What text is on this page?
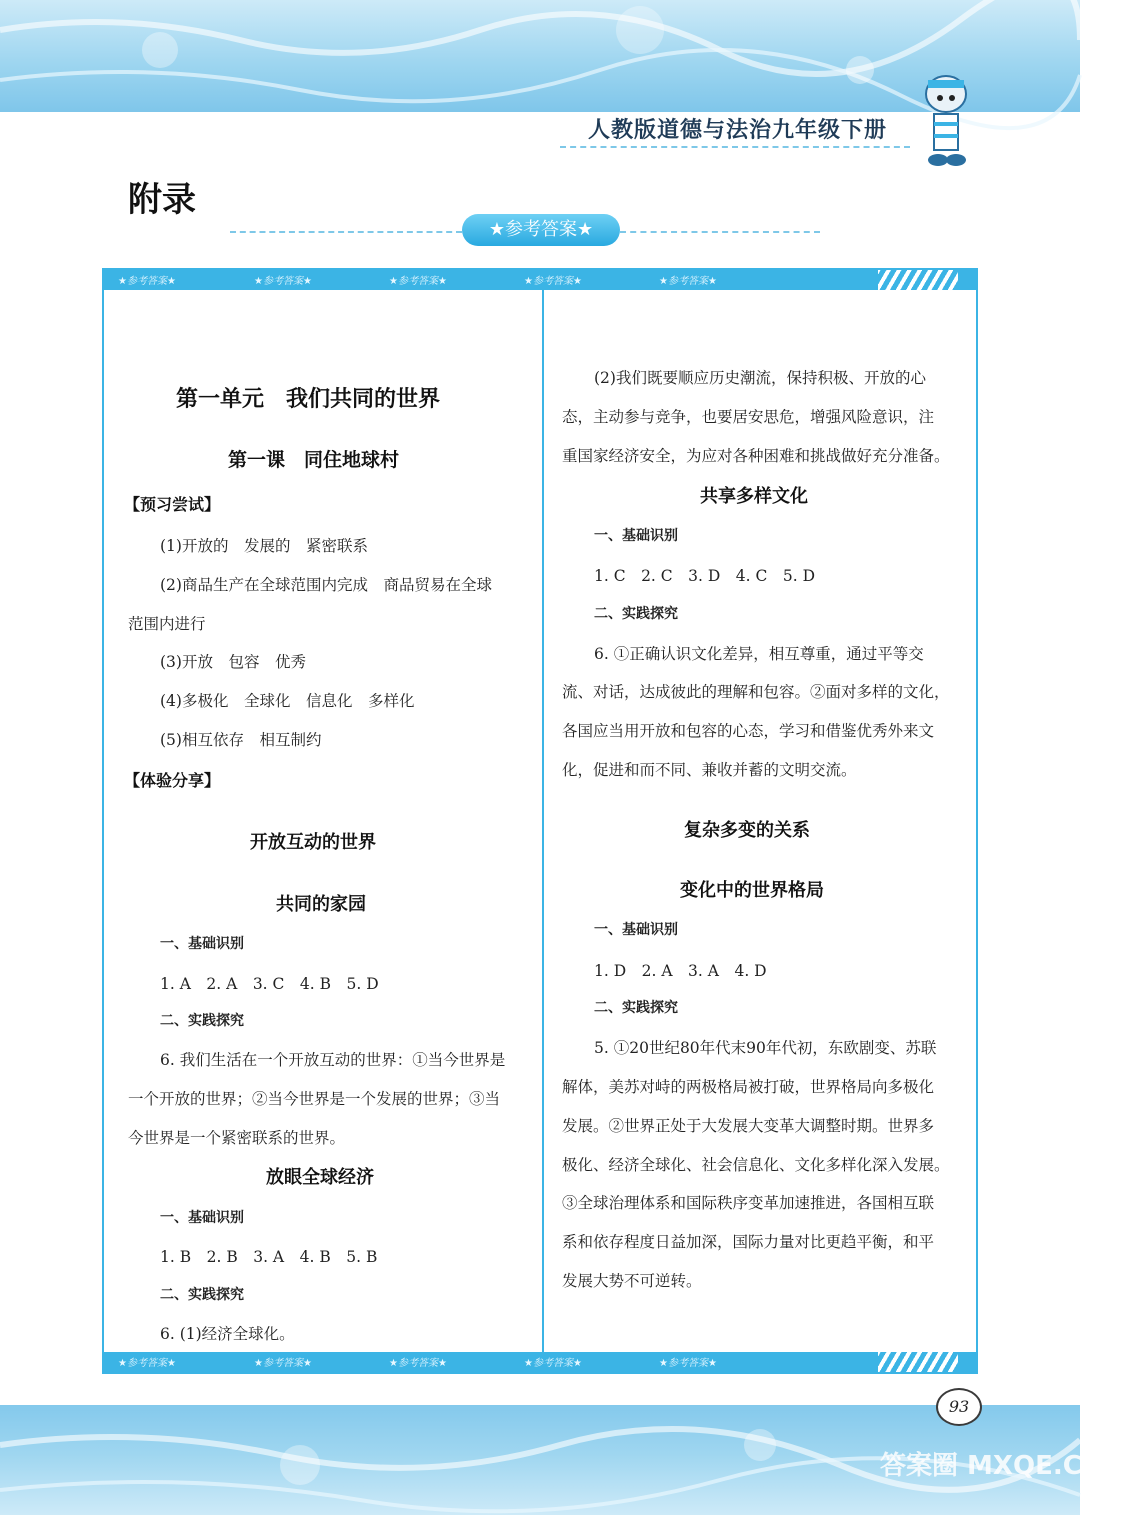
人教版道德与法治九年级下册
附录
★参考答案★
★参考答案★	★参考答案★	★参考答案★	★参考答案★	★参考答案★
★参考答案★	★参考答案★	★参考答案★	★参考答案★	★参考答案★
第一单元　我们共同的世界
第一课　同住地球村
【预习尝试】
(1)开放的　发展的　紧密联系
(2)商品生产在全球范围内完成　商品贸易在全球
范围内进行
(3)开放　包容　优秀
(4)多极化　全球化　信息化　多样化
(5)相互依存　相互制约
【体验分享】
开放互动的世界
共同的家园
一、基础识别
1. A　2. A　3. C　4. B　5. D
二、实践探究
6. 我们生活在一个开放互动的世界：①当今世界是
一个开放的世界；②当今世界是一个发展的世界；③当
今世界是一个紧密联系的世界。
放眼全球经济
一、基础识别
1. B　2. B　3. A　4. B　5. B
二、实践探究
6. (1)经济全球化。
(2)我们既要顺应历史潮流，保持积极、开放的心
态，主动参与竞争，也要居安思危，增强风险意识，注
重国家经济安全，为应对各种困难和挑战做好充分准备。
共享多样文化
一、基础识别
1. C　2. C　3. D　4. C　5. D
二、实践探究
6. ①正确认识文化差异，相互尊重，通过平等交
流、对话，达成彼此的理解和包容。②面对多样的文化，
各国应当用开放和包容的心态，学习和借鉴优秀外来文
化，促进和而不同、兼收并蓄的文明交流。
复杂多变的关系
变化中的世界格局
一、基础识别
1. D　2. A　3. A　4. D
二、实践探究
5. ①20世纪80年代末90年代初，东欧剧变、苏联
解体，美苏对峙的两极格局被打破，世界格局向多极化
发展。②世界正处于大发展大变革大调整时期。世界多
极化、经济全球化、社会信息化、文化多样化深入发展。
③全球治理体系和国际秩序变革加速推进，各国相互联
系和依存程度日益加深，国际力量对比更趋平衡，和平
发展大势不可逆转。
答案圈 MXQE.COM
93
